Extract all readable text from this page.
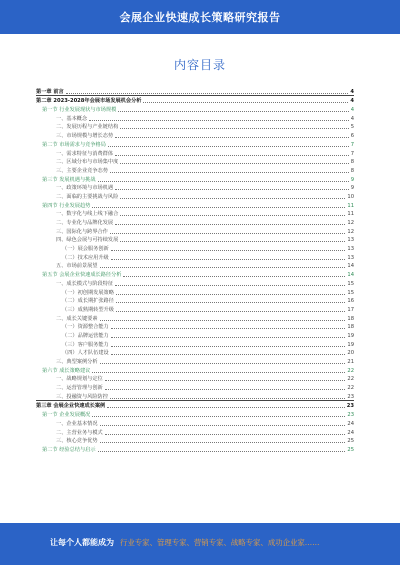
会展企业快速成长策略研究报告
内容目录
第一章 前言	4
第二章 2023-2028年会展市场发展机会分析	4
第一节 行业发展现状与市场规模	4
一、基本概念	4
二、发展历程与产业链结构	5
三、市场规模与增长态势	6
第二节 市场需求与竞争格局	7
一、需求特征与消费群体	7
二、区域分布与市场集中度	8
三、主要企业竞争态势	8
第三节 发展机遇与挑战	9
一、政策环境与市场机遇	9
二、面临的主要挑战与风险	10
第四节 行业发展趋势	11
一、数字化与线上线下融合	11
二、专业化与品牌化发展	12
三、国际化与跨界合作	12
四、绿色会展与可持续发展	13
（一）展会服务创新	13
（二）技术应用升级	13
五、市场前景展望	14
第五节 会展企业快速成长路径分析	14
一、成长模式与阶段特征	15
（一）初创期发展策略	15
（二）成长期扩张路径	16
（三）成熟期转型升级	17
二、成长关键要素	18
（一）资源整合能力	18
（二）品牌运营能力	19
（三）客户服务能力	19
（四）人才队伍建设	20
三、典型案例分析	21
第六节 成长策略建议	22
一、战略规划与定位	22
二、运营管理与创新	22
三、投融资与风险防控	23
第三章 会展企业快速成长案例	23
第一节 企业发展概况	23
一、企业基本情况	24
二、主营业务与模式	24
三、核心竞争优势	25
第二节 经验总结与启示	25
让每个人都能成为 行业专家、管理专家、营销专家、战略专家、成功企业家……
